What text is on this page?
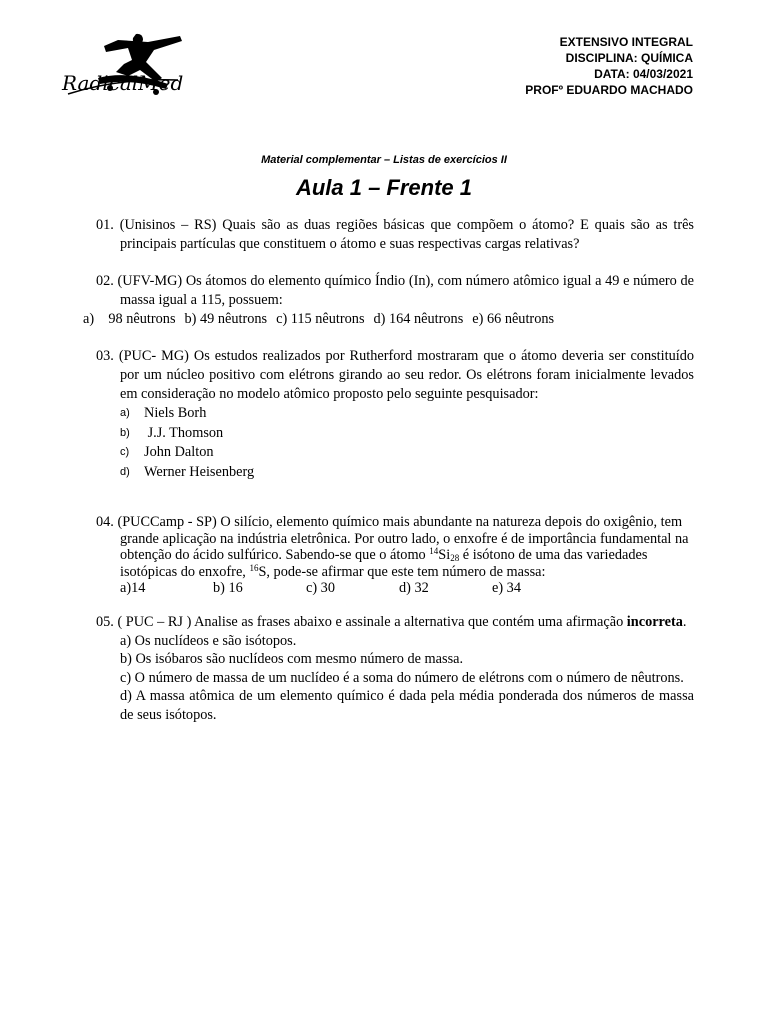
RadicalMed
EXTENSIVO INTEGRAL
DISCIPLINA: QUÍMICA
DATA: 04/03/2021
PROFº EDUARDO MACHADO
Material complementar – Listas de exercícios II
Aula 1 – Frente 1
01. (Unisinos – RS) Quais são as duas regiões básicas que compõem o átomo? E quais são as três principais partículas que constituem o átomo e suas respectivas cargas relativas?
02. (UFV-MG) Os átomos do elemento químico Índio (In), com número atômico igual a 49 e número de massa igual a 115, possuem:
a)    98 nêutrons b) 49 nêutrons c) 115 nêutrons d) 164 nêutrons e) 66 nêutrons
03. (PUC- MG) Os estudos realizados por Rutherford mostraram que o átomo deveria ser constituído por um núcleo positivo com elétrons girando ao seu redor. Os elétrons foram inicialmente levados em consideração no modelo atômico proposto pelo seguinte pesquisador:
a) Niels Borh
b) J.J. Thomson
c)	John Dalton
d) Werner Heisenberg
04. (PUCCamp - SP) O silício, elemento químico mais abundante na natureza depois do oxigênio, tem grande aplicação na indústria eletrônica. Por outro lado, o enxofre é de importância fundamental na obtenção do ácido sulfúrico. Sabendo-se que o átomo $^{14}Si_{28}$ é isótono de uma das variedades isotópicas do enxofre, $^{16}$S, pode-se afirmar que este tem número de massa:
a)14	b) 16	c) 30	d) 32	e) 34
05. ( PUC – RJ ) Analise as frases abaixo e assinale a alternativa que contém uma afirmação incorreta.
a) Os nuclídeos e são isótopos.
b) Os isóbaros são nuclídeos com mesmo número de massa.
c) O número de massa de um nuclídeo é a soma do número de elétrons com o número de nêutrons.
d) A massa atômica de um elemento químico é dada pela média ponderada dos números de massa de seus isótopos.
